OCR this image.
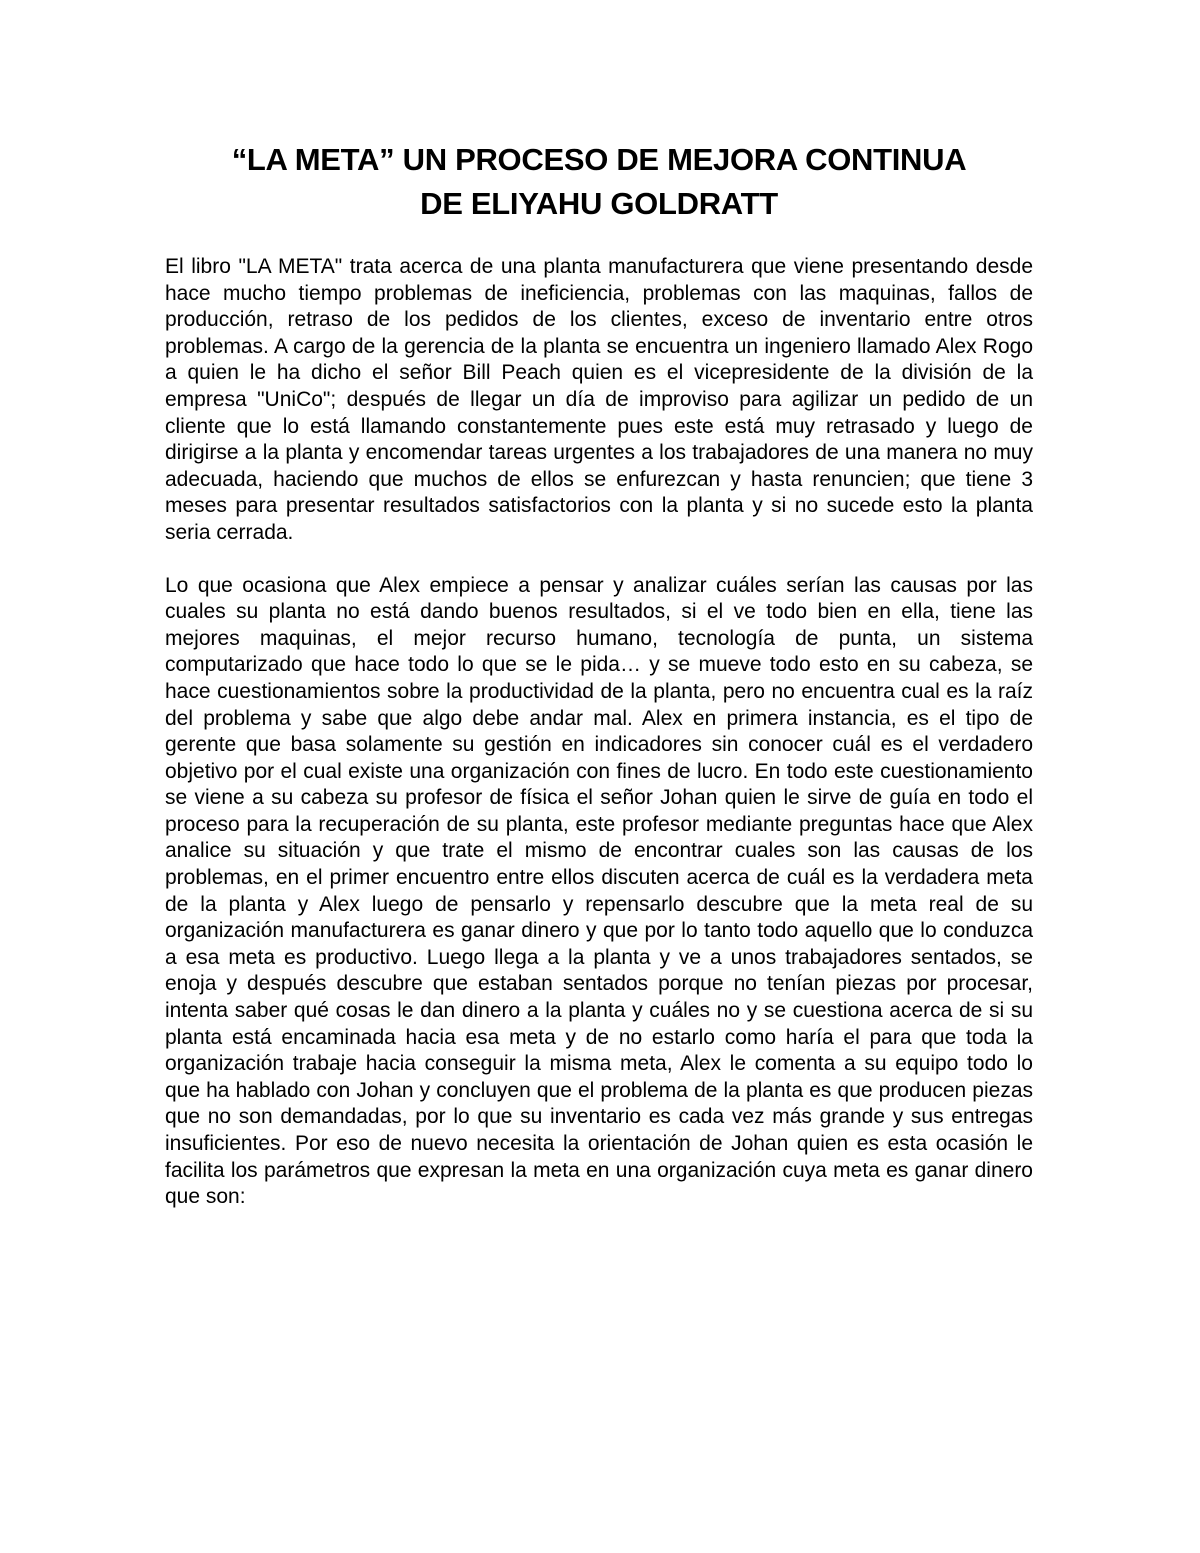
“LA META” UN PROCESO DE MEJORA CONTINUA
DE ELIYAHU GOLDRATT

El libro "LA META" trata acerca de una planta manufacturera que viene presentando desde hace mucho tiempo problemas de ineficiencia, problemas con las maquinas, fallos de producción, retraso de los pedidos de los clientes, exceso de inventario entre otros problemas. A cargo de la gerencia de la planta se encuentra un ingeniero llamado Alex Rogo a quien le ha dicho el señor Bill Peach quien es el vicepresidente de la división de la empresa "UniCo"; después de llegar un día de improviso para agilizar un pedido de un cliente que lo está llamando constantemente pues este está muy retrasado y luego de dirigirse a la planta y encomendar tareas urgentes a los trabajadores de una manera no muy adecuada, haciendo que muchos de ellos se enfurezcan y hasta renuncien; que tiene 3 meses para presentar resultados satisfactorios con la planta y si no sucede esto la planta seria cerrada.

Lo que ocasiona que Alex empiece a pensar y analizar cuáles serían las causas por las cuales su planta no está dando buenos resultados, si el ve todo bien en ella, tiene las mejores maquinas, el mejor recurso humano, tecnología de punta, un sistema computarizado que hace todo lo que se le pida… y se mueve todo esto en su cabeza, se hace cuestionamientos sobre la productividad de la planta, pero no encuentra cual es la raíz del problema y sabe que algo debe andar mal. Alex en primera instancia, es el tipo de gerente que basa solamente su gestión en indicadores sin conocer cuál es el verdadero objetivo por el cual existe una organización con fines de lucro. En todo este cuestionamiento se viene a su cabeza su profesor de física el señor Johan quien le sirve de guía en todo el proceso para la recuperación de su planta, este profesor mediante preguntas hace que Alex analice su situación y que trate el mismo de encontrar cuales son las causas de los problemas, en el primer encuentro entre ellos discuten acerca de cuál es la verdadera meta de la planta y Alex luego de pensarlo y repensarlo descubre que la meta real de su organización manufacturera es ganar dinero y que por lo tanto todo aquello que lo conduzca a esa meta es productivo. Luego llega a la planta y ve a unos trabajadores sentados, se enoja y después descubre que estaban sentados porque no tenían piezas por procesar, intenta saber qué cosas le dan dinero a la planta y cuáles no y se cuestiona acerca de si su planta está encaminada hacia esa meta y de no estarlo como haría el para que toda la organización trabaje hacia conseguir la misma meta, Alex le comenta a su equipo todo lo que ha hablado con Johan y concluyen que el problema de la planta es que producen piezas que no son demandadas, por lo que su inventario es cada vez más grande y sus entregas insuficientes. Por eso de nuevo necesita la orientación de Johan quien es esta ocasión le facilita los parámetros que expresan la meta en una organización cuya meta es ganar dinero que son:
